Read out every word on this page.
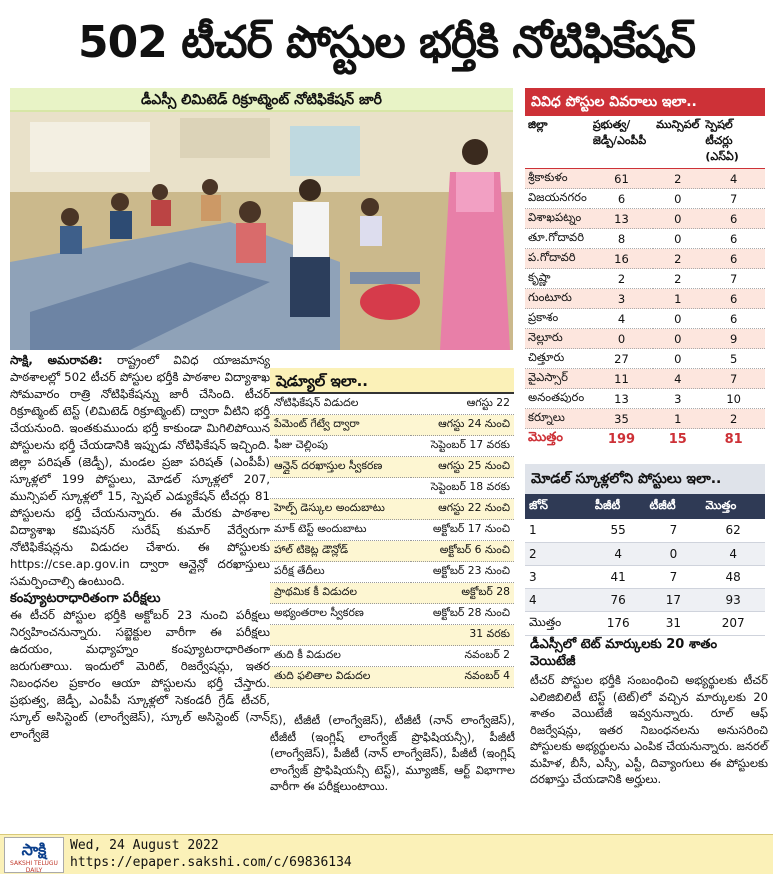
502 టీచర్ పోస్టుల భర్తీకి నోటిఫికేషన్
డీఎస్సీ లిమిటెడ్ రిక్రూట్మెంట్ నోటిఫికేషన్ జారీ

సాక్షి, అమరావతి: రాష్ట్రంలో వివిధ యాజమాన్య పాఠశాలల్లో 502 టీచర్ పోస్టుల భర్తీకి పాఠశాల విద్యాశాఖ సోమవారం రాత్రి నోటిఫికేషన్ను జారీ చేసింది. టీచర్ రిక్రూట్మెంట్ టెస్ట్ (లిమిటెడ్ రిక్రూట్మెంట్) ద్వారా వీటిని భర్తీ చేయనుంది. ఇంతకుముందు భర్తీ కాకుండా మిగిలిపోయిన పోస్టులను భర్తీ చేయడానికి ఇప్పుడు నోటిఫికేషన్ ఇచ్చింది. జిల్లా పరిషత్ (జెడ్పీ), మండల ప్రజా పరిషత్ (ఎంపీపీ) స్కూళ్లలో 199 పోస్టులు, మోడల్ స్కూళ్లలో 207, మున్సిపల్ స్కూళ్లలో 15, స్పెషల్ ఎడ్యుకేషన్ టీచర్లు 81 పోస్టులను భర్తీ చేయనున్నారు. ఈ మేరకు పాఠశాల విద్యాశాఖ కమిషనర్ సురేష్ కుమార్ వేర్వేరుగా నోటిఫికేషన్లను విడుదల చేశారు. ఈ పోస్టులకు https://cse.ap.gov.in ద్వారా ఆన్లైన్లో దరఖాస్తులు సమర్పించాల్సి ఉంటుంది.

కంప్యూటరాధారితంగా పరీక్షలు

ఈ టీచర్ పోస్టుల భర్తీకి అక్టోబర్ 23 నుంచి పరీక్షలు నిర్వహించనున్నారు. సబ్జెక్టుల వారీగా ఈ పరీక్షలు ఉదయం, మధ్యాహ్నం కంప్యూటరాధారితంగా జరుగుతాయి. ఇందులో మెరిట్, రిజర్వేషన్లు, ఇతర నిబంధనల ప్రకారం ఆయా పోస్టులను భర్తీ చేస్తారు. ప్రభుత్వ, జెడ్పీ, ఎంపీపీ స్కూళ్లలో సెకండరీ గ్రేడ్ టీచర్, స్కూల్ అసిస్టెంట్ (లాంగ్వేజెస్), స్కూల్ అసిస్టెంట్ (నాన్ లాంగ్వేజె

షెడ్యూల్ ఇలా..
నోటిఫికేషన్ విడుదల	ఆగస్టు 22
పేమెంట్ గేట్వే ద్వారా	ఆగస్టు 24 నుంచి
ఫీజు చెల్లింపు	సెప్టెంబర్ 17 వరకు
ఆన్లైన్ దరఖాస్తుల స్వీకరణ	ఆగస్టు 25 నుంచి
	సెప్టెంబర్ 18 వరకు
హెల్ప్ డెస్కుల అందుబాటు	ఆగస్టు 22 నుంచి
మాక్ టెస్ట్ అందుబాటు	అక్టోబర్ 17 నుంచి
హాల్ టికెట్ల డౌన్లోడ్	అక్టోబర్ 6 నుంచి
పరీక్ష తేదీలు	అక్టోబర్ 23 నుంచి
ప్రాథమిక కీ విడుదల	అక్టోబర్ 28
అభ్యంతరాల స్వీకరణ	అక్టోబర్ 28 నుంచి
	31 వరకు
తుది కీ విడుదల	నవంబర్ 2
తుది ఫలితాల విడుదల	నవంబర్ 4
స్), టీజీటీ (లాంగ్వేజెస్), టీజీటీ (నాన్ లాంగ్వేజెస్), టీజీటీ (ఇంగ్లిష్ లాంగ్వేజ్ ప్రొఫిషియన్సీ), పీజీటీ (లాంగ్వేజెస్), పీజీటీ (నాన్ లాంగ్వేజెస్), పీజీటీ (ఇంగ్లిష్ లాంగ్వేజ్ ప్రొఫిషియన్సీ టెస్ట్), మ్యూజిక్, ఆర్ట్ విభాగాల వారీగా ఈ పరీక్షలుంటాయి.
వివిధ పోస్టుల వివరాలు ఇలా..
జిల్లా	ప్రభుత్వ/జెడ్పీ/ఎంపీపీ	మున్సిపల్	స్పెషల్ టీచర్లు (ఎస్ఏ)
శ్రీకాకుళం	61	2	4
విజయనగరం	6	0	7
విశాఖపట్నం	13	0	6
తూ.గోదావరి	8	0	6
ప.గోదావరి	16	2	6
కృష్ణా	2	2	7
గుంటూరు	3	1	6
ప్రకాశం	4	0	6
నెల్లూరు	0	0	9
చిత్తూరు	27	0	5
వైఎస్సార్	11	4	7
అనంతపురం	13	3	10
కర్నూలు	35	1	2
మొత్తం	199	15	81
మోడల్ స్కూళ్లలోని పోస్టులు ఇలా..
జోన్	పీజీటీ	టీజీటీ	మొత్తం
1	55	7	62
2	4	0	4
3	41	7	48
4	76	17	93
మొత్తం	176	31	207
డీఎస్సీలో టెట్ మార్కులకు 20 శాతం వెయిటేజీ
టీచర్ పోస్టుల భర్తీకి సంబంధించి అభ్యర్థులకు టీచర్ ఎలిజిబిలిటీ టెస్ట్ (టెట్)లో వచ్చిన మార్కులకు 20 శాతం వెయిటేజీ ఇవ్వనున్నారు. రూల్ ఆఫ్ రిజర్వేషన్లు, ఇతర నిబంధనలను అనుసరించి పోస్టులకు అభ్యర్థులను ఎంపిక చేయనున్నారు. జనరల్ మహిళ, బీసీ, ఎస్సీ, ఎస్టీ, దివ్యాంగులు ఈ పోస్టులకు దరఖాస్తు చేయడానికి అర్హులు.
సాక్షి
SAKSHI TELUGU DAILY
Wed, 24 August 2022
https://epaper.sakshi.com/c/69836134
